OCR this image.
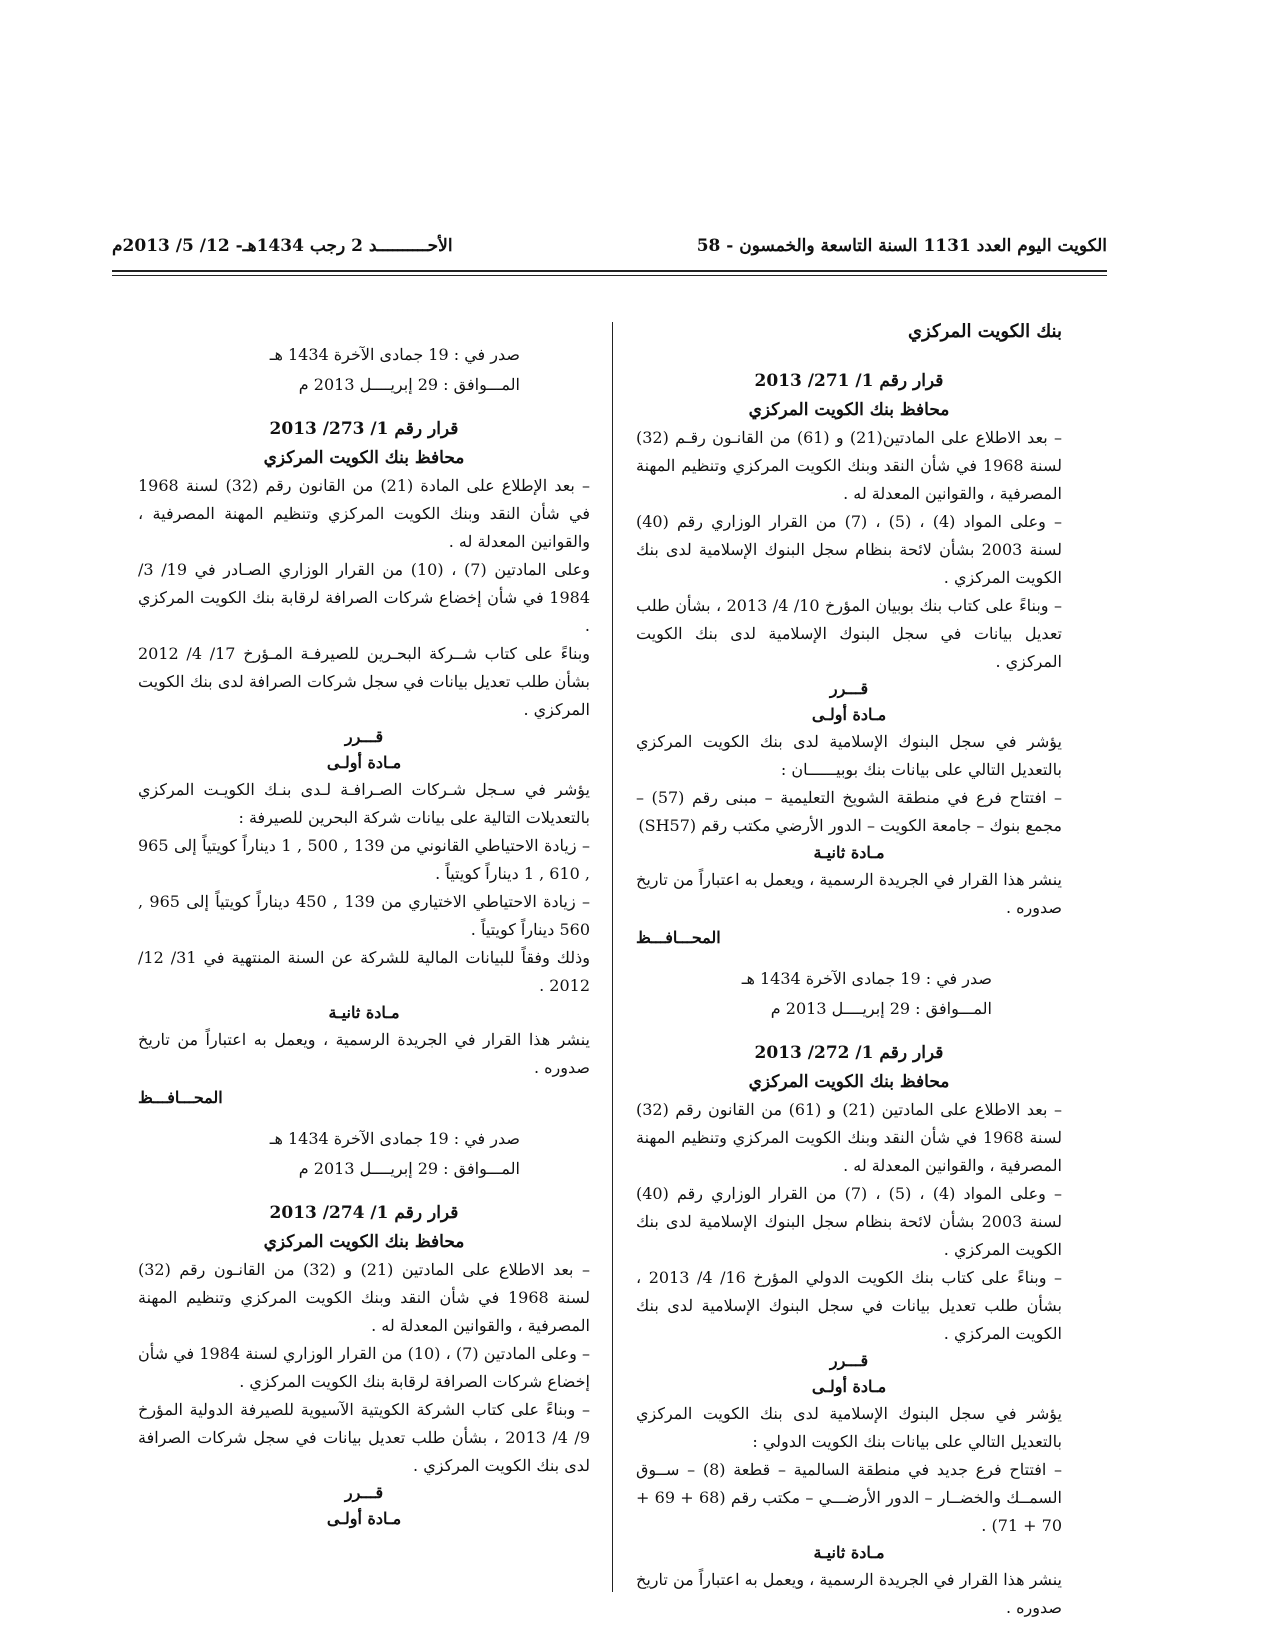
الكويت اليوم العدد 1131 السنة التاسعة والخمسون - 58
الأحــــــــــد 2 رجب 1434هـ- 12/ 5/ 2013م
بنك الكويت المركزي
قرار رقم 1/ 271/ 2013
محافظ بنك الكويت المركزي

– بعد الاطلاع على المادتين(21) و (61) من القانـون رقـم (32) لسنة 1968 في شأن النقد وبنك الكويت المركزي وتنظيم المهنة المصرفية ، والقوانين المعدلة له .

– وعلى المواد (4) ، (5) ، (7) من القرار الوزاري رقم (40) لسنة 2003 بشأن لائحة بنظام سجل البنوك الإسلامية لدى بنك الكويت المركزي .

– وبناءً على كتاب بنك بوبيان المؤرخ 10/ 4/ 2013 ، بشأن طلب تعديل بيانات في سجل البنوك الإسلامية لدى بنك الكويت المركزي .

قـــرر
مـادة أولـى

يؤشر في سجل البنوك الإسلامية لدى بنك الكويت المركزي بالتعديل التالي على بيانات بنك بوبيــــــان :

– افتتاح فرع في منطقة الشويخ التعليمية – مبنى رقم (57) – مجمع بنوك – جامعة الكويت – الدور الأرضي مكتب رقم (SH57)

مـادة ثانيـة

ينشر هذا القرار في الجريدة الرسمية ، ويعمل به اعتباراً من تاريخ صدوره .

المحـــافـــظ
صدر في : 19 جمادى الآخرة 1434 هـ
المـــوافق : 29 إبريــــل 2013 م
قرار رقم 1/ 272/ 2013
محافظ بنك الكويت المركزي

– بعد الاطلاع على المادتين (21) و (61) من القانون رقم (32) لسنة 1968 في شأن النقد وبنك الكويت المركزي وتنظيم المهنة المصرفية ، والقوانين المعدلة له .

– وعلى المواد (4) ، (5) ، (7) من القرار الوزاري رقم (40) لسنة 2003 بشأن لائحة بنظام سجل البنوك الإسلامية لدى بنك الكويت المركزي .

– وبناءً على كتاب بنك الكويت الدولي المؤرخ 16/ 4/ 2013 ، بشأن طلب تعديل بيانات في سجل البنوك الإسلامية لدى بنك الكويت المركزي .

قـــرر
مـادة أولـى

يؤشر في سجل البنوك الإسلامية لدى بنك الكويت المركزي بالتعديل التالي على بيانات بنك الكويت الدولي :

– افتتاح فرع جديد في منطقة السالمية – قطعة (8) – ســوق السمــك والخضــار – الدور الأرضـــي – مكتب رقم (68 + 69 + 70 + 71) .

مـادة ثانيـة

ينشر هذا القرار في الجريدة الرسمية ، ويعمل به اعتباراً من تاريخ صدوره .

صدر في : 19 جمادى الآخرة 1434 هـ
المـــوافق : 29 إبريــــل 2013 م
قرار رقم 1/ 273/ 2013
محافظ بنك الكويت المركزي

– بعد الإطلاع على المادة (21) من القانون رقم (32) لسنة 1968 في شأن النقد وبنك الكويت المركزي وتنظيم المهنة المصرفية ، والقوانين المعدلة له .

وعلى المادتين (7) ، (10) من القرار الوزاري الصـادر في 19/ 3/ 1984 في شأن إخضاع شركات الصرافة لرقابة بنك الكويت المركزي .

وبناءً على كتاب شــركة البحـرين للصيرفـة المـؤرخ 17/ 4/ 2012 بشأن طلب تعديل بيانات في سجل شركات الصرافة لدى بنك الكويت المركزي .

قـــرر
مـادة أولـى

يؤشر في سـجل شـركات الصـرافـة لـدى بنـك الكويـت المركزي بالتعديلات التالية على بيانات شركة البحرين للصيرفة :

– زيادة الاحتياطي القانوني من 139 , 500 , 1 ديناراً كويتياً إلى 965 , 610 , 1 ديناراً كويتياً .

– زيادة الاحتياطي الاختياري من 139 , 450 ديناراً كويتياً إلى 965 , 560 ديناراً كويتياً .

وذلك وفقاً للبيانات المالية للشركة عن السنة المنتهية في 31/ 12/ 2012 .

مـادة ثانيـة

ينشر هذا القرار في الجريدة الرسمية ، ويعمل به اعتباراً من تاريخ صدوره .

المحـــافـــظ
صدر في : 19 جمادى الآخرة 1434 هـ
المـــوافق : 29 إبريــــل 2013 م
قرار رقم 1/ 274/ 2013
محافظ بنك الكويت المركزي

– بعد الاطلاع على المادتين (21) و (32) من القانـون رقم (32) لسنة 1968 في شأن النقد وبنك الكويت المركزي وتنظيم المهنة المصرفية ، والقوانين المعدلة له .

– وعلى المادتين (7) ، (10) من القرار الوزاري لسنة 1984 في شأن إخضاع شركات الصرافة لرقابة بنك الكويت المركزي .

– وبناءً على كتاب الشركة الكويتية الآسيوية للصيرفة الدولية المؤرخ 9/ 4/ 2013 ، بشأن طلب تعديل بيانات في سجل شركات الصرافة لدى بنك الكويت المركزي .

قـــرر
مـادة أولـى
